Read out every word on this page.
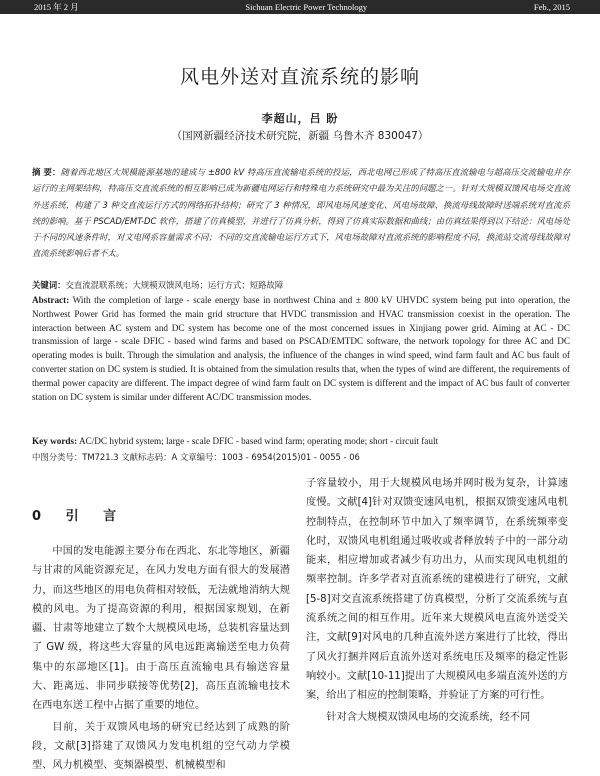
2015 年 2 月	Sichuan Electric Power Technology	Feb., 2015
风电外送对直流系统的影响
李超山，吕 盼
（国网新疆经济技术研究院，新疆 乌鲁木齐 830047）
摘 要：随着西北地区大规模能源基地的建成与 ±800 kV 特高压直流输电系统的投运，西北电网已形成了特高压直流输电与超高压交流输电并存运行的主网架结构，特高压交直流系统的相互影响已成为新疆电网运行和特殊电力系统研究中最为关注的问题之一。针对大规模双馈风电场交直流外送系统，构建了 3 种交直流运行方式的网络拓扑结构；研究了 3 种情况，即风电场风速变化、风电场故障、换流母线故障时送端系统对直流系统的影响。基于 PSCAD/EMT-DC 软件，搭建了仿真模型，并进行了仿真分析，得到了仿真实际数据和曲线；由仿真结果得到以下结论：风电场处于不同的风速条件时，对文电网系容量需求不同；不同的交直流输电运行方式下，风电场故障对直流系统的影响程度不同，换流站交流母线故障对直流系统影响后者不太。
关键词：交直流混联系统；大规模双馈风电场；运行方式；短路故障
Abstract: With the completion of large - scale energy base in northwest China and ± 800 kV UHVDC system being put into operation, the Northwest Power Grid has formed the main grid structure that HVDC transmission and HVAC transmission coexist in the operation. The interaction between AC system and DC system has become one of the most concerned issues in Xinjiang power grid. Aiming at AC - DC transmission of large - scale DFIC - based wind farms and based on PSCAD/EMTDC software, the network topology for three AC and DC operating modes is built. Through the simulation and analysis, the influence of the changes in wind speed, wind farm fault and AC bus fault of converter station on DC system is studied. It is obtained from the simulation results that, when the types of wind are different, the requirements of thermal power capacity are different. The impact degree of wind farm fault on DC system is different and the impact of AC bus fault of converter station on DC system is similar under different AC/DC transmission modes.
Key words: AC/DC hybrid system; large - scale DFIC - based wind farm; operating mode; short - circuit fault
中图分类号：TM721.3 文献标志码：A 文章编号：1003 - 6954(2015)01 - 0055 - 06
0 引 言

中国的发电能源主要分布在西北、东北等地区，新疆与甘肃的风能资源充足，在风力发电方面有很大的发展潜力，而这些地区的用电负荷相对较低，无法就地消纳大规模的风电。为了提高资源的利用，根据国家规划，在新疆、甘肃等地建立了数个大规模风电场，总装机容量达到了 GW 级，将这些大容量的风电远距离输送至电力负荷集中的东部地区[1]。由于高压直流输电具有输送容量大、距离远、非同步联接等优势[2]，高压直流输电技术在西电东送工程中占据了重要的地位。

目前，关于双馈风电场的研究已经达到了成熟的阶段，文献[3]搭建了双馈风力发电机组的空气动力学模型、风力机模型、变频器模型、机械模型和

子容量较小，用于大规模风电场并网时极为复杂，计算速度慢。文献[4]针对双馈变速风电机，根据双馈变速风电机控制特点，在控制环节中加入了频率调节，在系统频率变化时，双馈风电机组通过吸收或者释放转子中的一部分动能来，相应增加或者减少有功出力，从而实现风电机组的频率控制。许多学者对直流系统的建模进行了研究，文献[5-8]对交直流系统搭建了仿真模型，分析了交流系统与直流系统之间的相互作用。近年来大规模风电直流外送受关注，文献[9]对风电的几种直流外送方案进行了比较，得出了风火打捆并网后直流外送对系统电压及频率的稳定性影响较小。文献[10-11]提出了大规模风电多端直流外送的方案，给出了相应的控制策略，并验证了方案的可行性。

针对含大规模双馈风电场的交流系统，经不同
